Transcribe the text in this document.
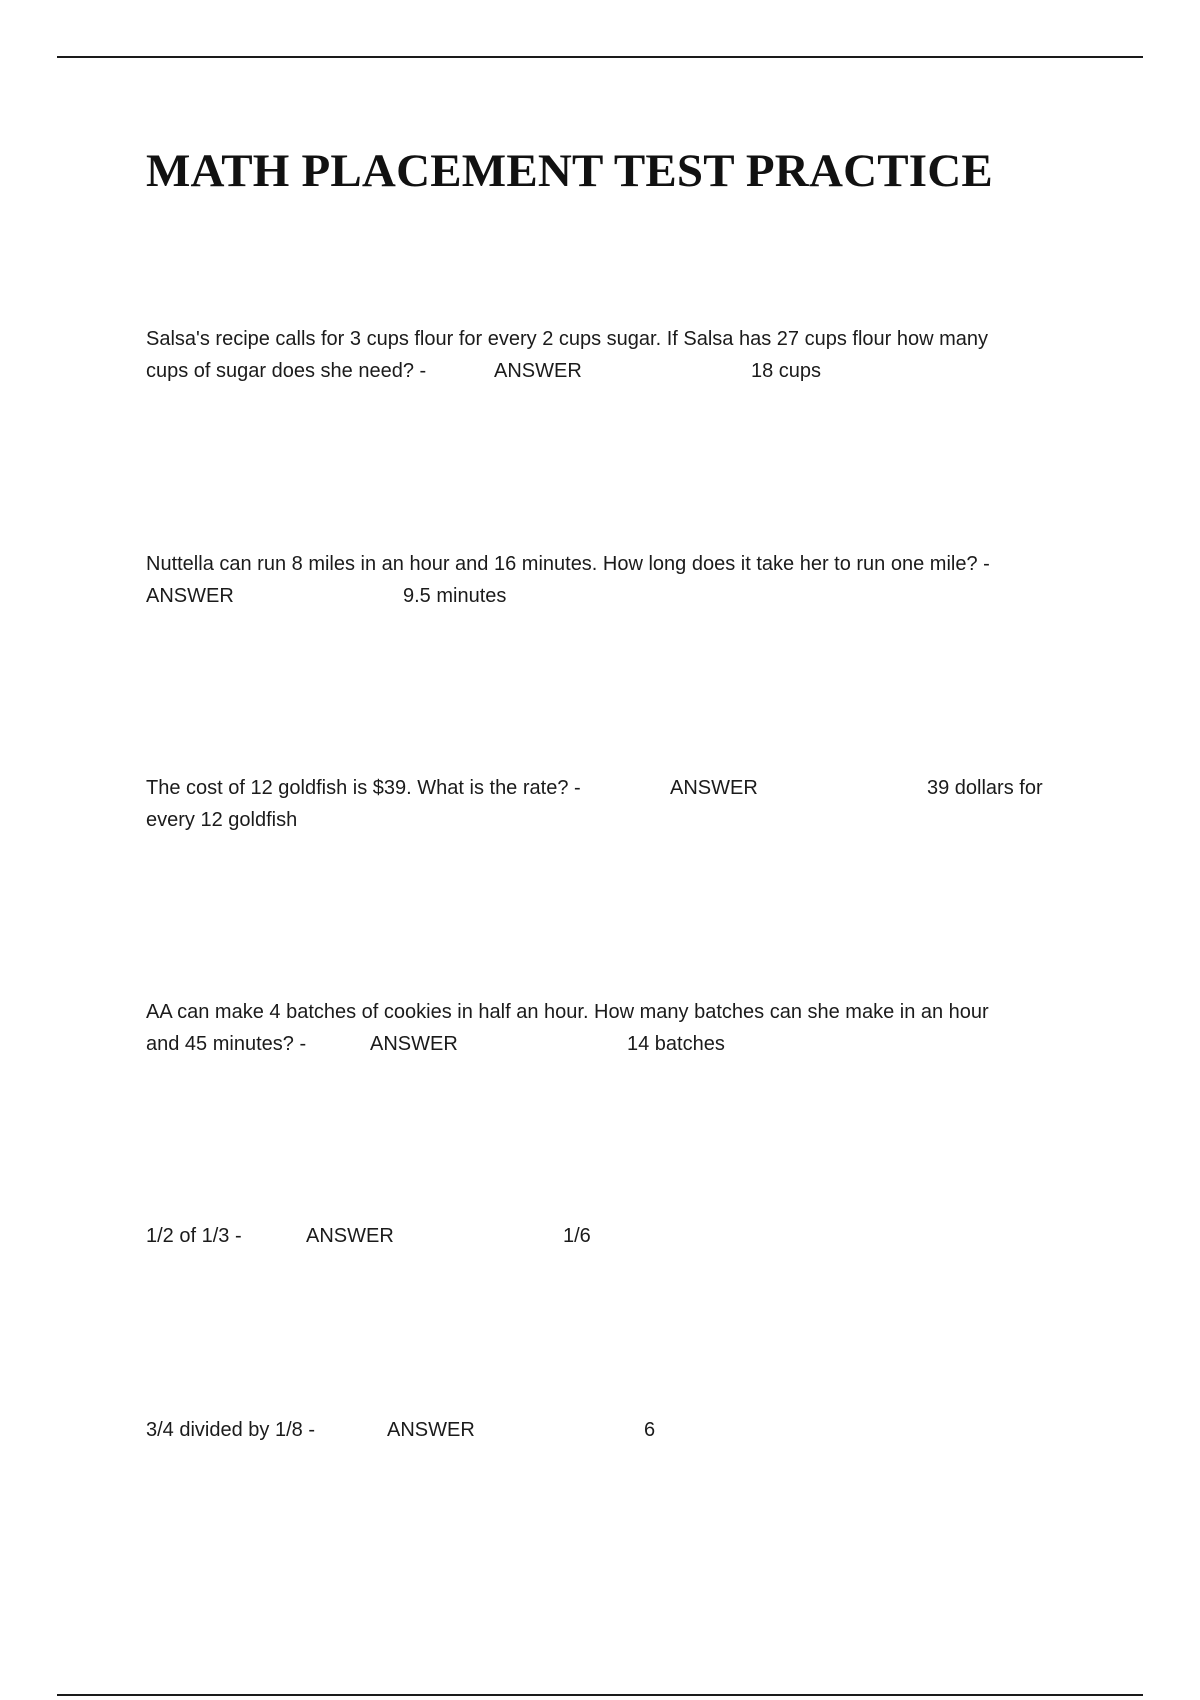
MATH PLACEMENT TEST PRACTICE
Salsa's recipe calls for 3 cups flour for every 2 cups sugar. If Salsa has 27 cups flour how many
cups of sugar does she need? -	ANSWER	18 cups
Nuttella can run 8 miles in an hour and 16 minutes. How long does it take her to run one mile? -
ANSWER	9.5 minutes
The cost of 12 goldfish is $39. What is the rate? -	ANSWER	39 dollars for
every 12 goldfish
AA can make 4 batches of cookies in half an hour. How many batches can she make in an hour
and 45 minutes? -	ANSWER	14 batches
1/2 of 1/3 -	ANSWER	1/6
3/4 divided by 1/8 -	ANSWER	6
